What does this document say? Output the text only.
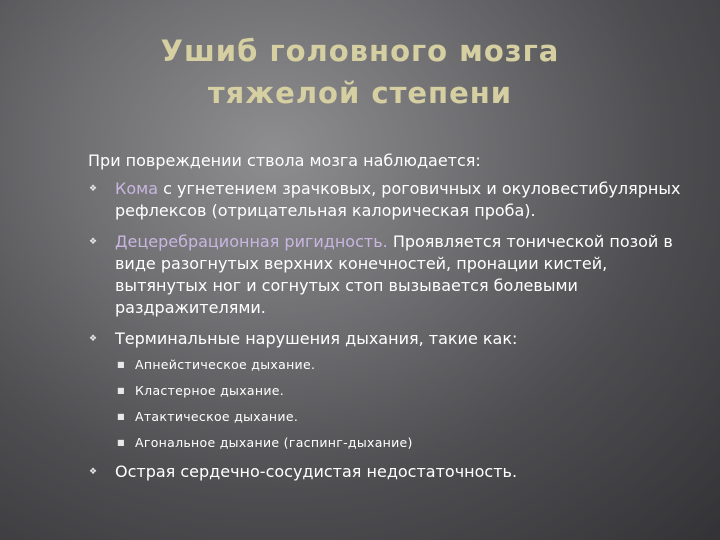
Ушиб головного мозга
тяжелой степени
При повреждении ствола мозга наблюдается:
❖ Кома с угнетением зрачковых, роговичных и окуловестибулярных рефлексов (отрицательная калорическая проба).
❖ Децеребрационная ригидность. Проявляется тонической позой в виде разогнутых верхних конечностей, пронации кистей, вытянутых ног и согнутых стоп вызывается болевыми раздражителями.
❖ Терминальные нарушения дыхания, такие как:
■ Апнейстическое дыхание.
■ Кластерное дыхание.
■ Атактическое дыхание.
■ Агональное дыхание (гаспинг-дыхание)
❖ Острая сердечно-сосудистая недостаточность.
